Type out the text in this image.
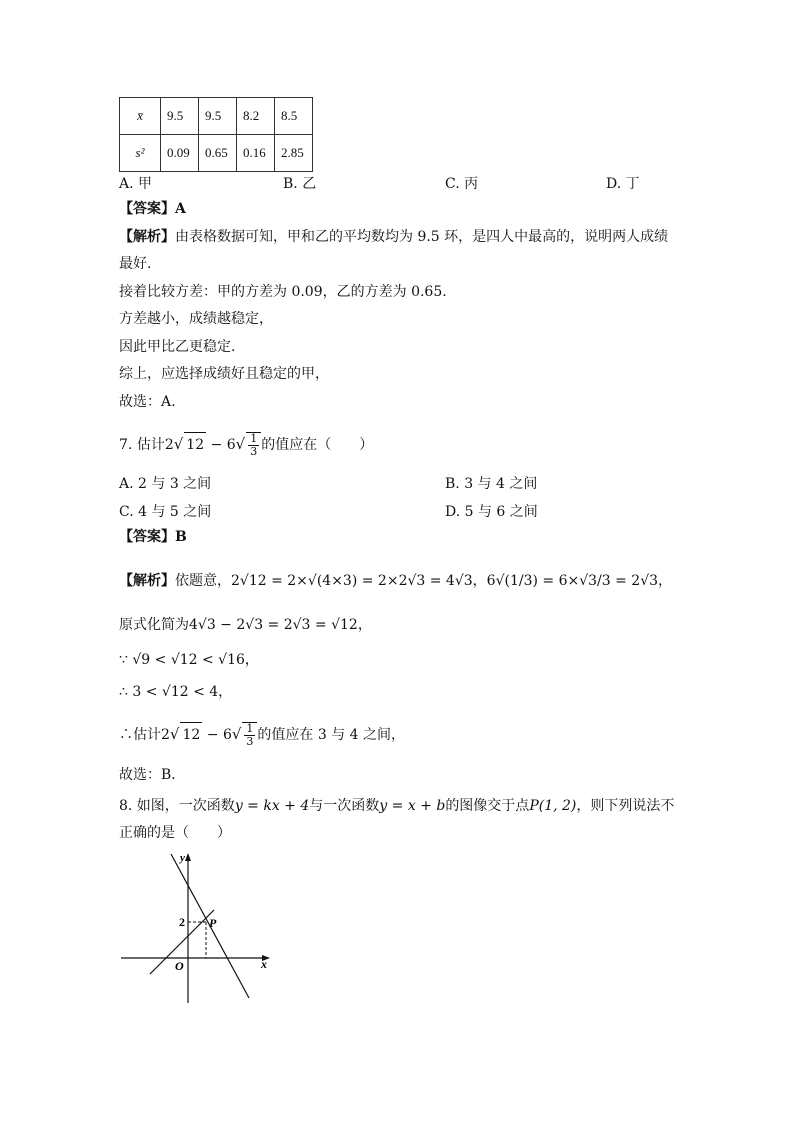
x̄	9.5	9.5	8.2	8.5
s²	0.09	0.65	0.16	2.85
A. 甲	B. 乙	C. 丙	D. 丁
【答案】A
【解析】由表格数据可知，甲和乙的平均数均为 9.5 环，是四人中最高的，说明两人成绩
最好.
接着比较方差：甲的方差为 0.09，乙的方差为 0.65.
方差越小，成绩越稳定，
因此甲比乙更稳定.
综上，应选择成绩好且稳定的甲，
故选：A.
7. 估计2√ $12 - 6√ \frac{1}{3}$ 的值应在（　　）
A. 2 与 3 之间	B. 3 与 4 之间
C. 4 与 5 之间	D. 5 与 6 之间
【答案】B
【解析】依题意，2√12 = 2×√(4×3) = 2×2√3 = 4√3，6√(1/3) = 6×√3/3 = 2√3，
原式化简为4√3 − 2√3 = 2√3 = √12，
∵ √9 < √12 < √16，
∴ 3 < √12 < 4，
∴估计2√ $12 - 6√ \frac{1}{3}$ 的值应在 3 与 4 之间，
故选：B．
8. 如图，一次函数y = kx + 4与一次函数y = x + b的图像交于点P(1, 2)，则下列说法不
正确的是（　　）
y
x
O
2 P
